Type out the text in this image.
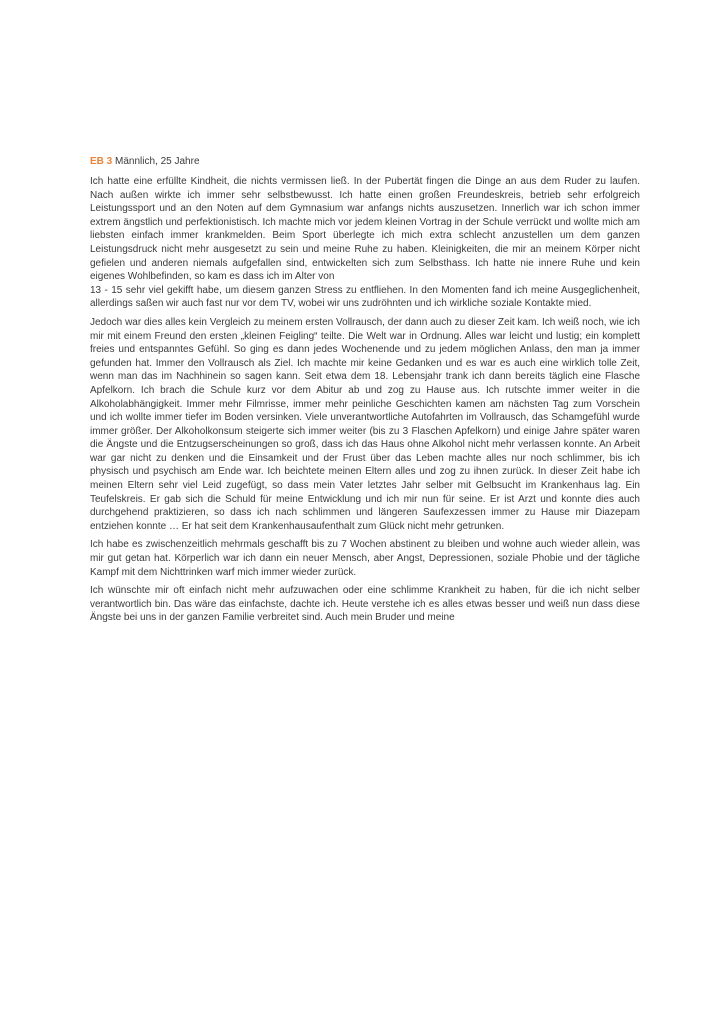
EB 3 Männlich, 25 Jahre

Ich hatte eine erfüllte Kindheit, die nichts vermissen ließ. In der Pubertät fingen die Dinge an aus dem Ruder zu laufen. Nach außen wirkte ich immer sehr selbstbewusst. Ich hatte einen großen Freundeskreis, betrieb sehr erfolgreich Leistungssport und an den Noten auf dem Gymnasium war anfangs nichts auszusetzen. Innerlich war ich schon immer extrem ängstlich und perfektionistisch. Ich machte mich vor jedem kleinen Vortrag in der Schule verrückt und wollte mich am liebsten einfach immer krankmelden. Beim Sport überlegte ich mich extra schlecht anzustellen um dem ganzen Leistungsdruck nicht mehr ausgesetzt zu sein und meine Ruhe zu haben. Kleinigkeiten, die mir an meinem Körper nicht gefielen und anderen niemals aufgefallen sind, entwickelten sich zum Selbsthass. Ich hatte nie innere Ruhe und kein eigenes Wohlbefinden, so kam es dass ich im Alter von
13 - 15 sehr viel gekifft habe, um diesem ganzen Stress zu entfliehen. In den Momenten fand ich meine Ausgeglichenheit, allerdings saßen wir auch fast nur vor dem TV, wobei wir uns zudröhnten und ich wirkliche soziale Kontakte mied.

Jedoch war dies alles kein Vergleich zu meinem ersten Vollrausch, der dann auch zu dieser Zeit kam. Ich weiß noch, wie ich mir mit einem Freund den ersten „kleinen Feigling“ teilte. Die Welt war in Ordnung. Alles war leicht und lustig; ein komplett freies und entspanntes Gefühl. So ging es dann jedes Wochenende und zu jedem möglichen Anlass, den man ja immer gefunden hat. Immer den Vollrausch als Ziel. Ich machte mir keine Gedanken und es war es auch eine wirklich tolle Zeit, wenn man das im Nachhinein so sagen kann. Seit etwa dem 18. Lebensjahr trank ich dann bereits täglich eine Flasche Apfelkorn. Ich brach die Schule kurz vor dem Abitur ab und zog zu Hause aus. Ich rutschte immer weiter in die Alkoholabhängigkeit. Immer mehr Filmrisse, immer mehr peinliche Geschichten kamen am nächsten Tag zum Vorschein und ich wollte immer tiefer im Boden versinken. Viele unverantwortliche Autofahrten im Vollrausch, das Schamgefühl wurde immer größer. Der Alkoholkonsum steigerte sich immer weiter (bis zu 3 Flaschen Apfelkorn) und einige Jahre später waren die Ängste und die Entzugserscheinungen so groß, dass ich das Haus ohne Alkohol nicht mehr verlassen konnte. An Arbeit war gar nicht zu denken und die Einsamkeit und der Frust über das Leben machte alles nur noch schlimmer, bis ich physisch und psychisch am Ende war. Ich beichtete meinen Eltern alles und zog zu ihnen zurück. In dieser Zeit habe ich meinen Eltern sehr viel Leid zugefügt, so dass mein Vater letztes Jahr selber mit Gelbsucht im Krankenhaus lag. Ein Teufelskreis. Er gab sich die Schuld für meine Entwicklung und ich mir nun für seine. Er ist Arzt und konnte dies auch durchgehend praktizieren, so dass ich nach schlimmen und längeren Saufexzessen immer zu Hause mir Diazepam entziehen konnte … Er hat seit dem Krankenhausaufenthalt zum Glück nicht mehr getrunken.

Ich habe es zwischenzeitlich mehrmals geschafft bis zu 7 Wochen abstinent zu bleiben und wohne auch wieder allein, was mir gut getan hat. Körperlich war ich dann ein neuer Mensch, aber Angst, Depressionen, soziale Phobie und der tägliche Kampf mit dem Nichttrinken warf mich immer wieder zurück.

Ich wünschte mir oft einfach nicht mehr aufzuwachen oder eine schlimme Krankheit zu haben, für die ich nicht selber verantwortlich bin. Das wäre das einfachste, dachte ich. Heute verstehe ich es alles etwas besser und weiß nun dass diese Ängste bei uns in der ganzen Familie verbreitet sind. Auch mein Bruder und meine
